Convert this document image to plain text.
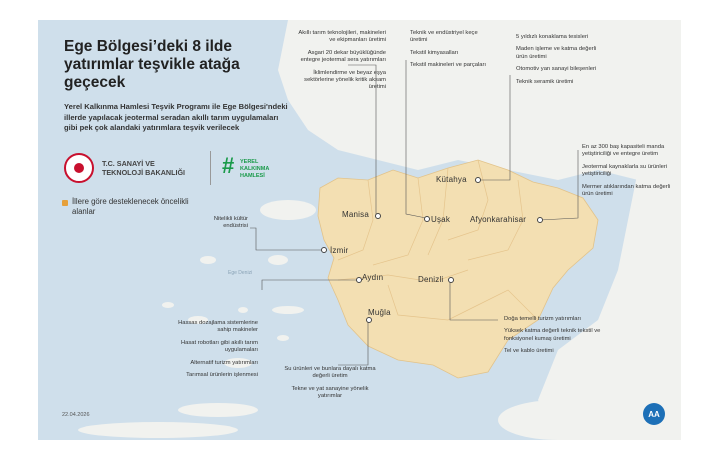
Ege Denizi
Ege Bölgesi’deki 8 ilde yatırımlar teşvikle atağa geçecek
Yerel Kalkınma Hamlesi Teşvik Programı ile Ege Bölgesi'ndeki illerde yapılacak jeotermal seradan akıllı tarım uygulamaları gibi pek çok alandaki yatırımlara teşvik verilecek
T.C. SANAYİ VE TEKNOLOJİ BAKANLIĞI	# YEREL
KALKINMA
HAMLESİ
İllere göre desteklenecek öncelikli alanlar	Manisa
Uşak
Kütahya
Afyonkarahisar
İzmir
Aydın
Muğla
Denizli
Akıllı tarım teknolojileri, makineleri ve ekipmanları üretimi
Asgari 20 dekar büyüklüğünde entegre jeotermal sera yatırımları
İklimlendirme ve beyaz eşya sektörlerine yönelik kritik aksam üretimi
Teknik ve endüstriyel keçe üretimi
Tekstil kimyasalları
Tekstil makineleri ve parçaları
5 yıldızlı konaklama tesisleri
Maden işleme ve katma değerli ürün üretimi
Otomotiv yan sanayi bileşenleri
Teknik seramik üretimi
En az 300 baş kapasiteli manda yetiştiriciliği ve entegre üretim
Jeotermal kaynaklarla su ürünleri yetiştiriciliği
Mermer atıklarından katma değerli ürün üretimi
Nitelikli kültür endüstrisi
Hassas dozajlama sistemlerine sahip makineler
Hasat robotları gibi akıllı tarım uygulamaları
Alternatif turizm yatırımları
Tarımsal ürünlerin işlenmesi
Su ürünleri ve bunlara dayalı katma değerli üretim
Tekne ve yat sanayine yönelik yatırımlar
Doğa temelli turizm yatırımları
Yüksek katma değerli teknik tekstil ve fonksiyonel kumaş üretimi
Tel ve kablo üretimi
22.04.2026	AA
